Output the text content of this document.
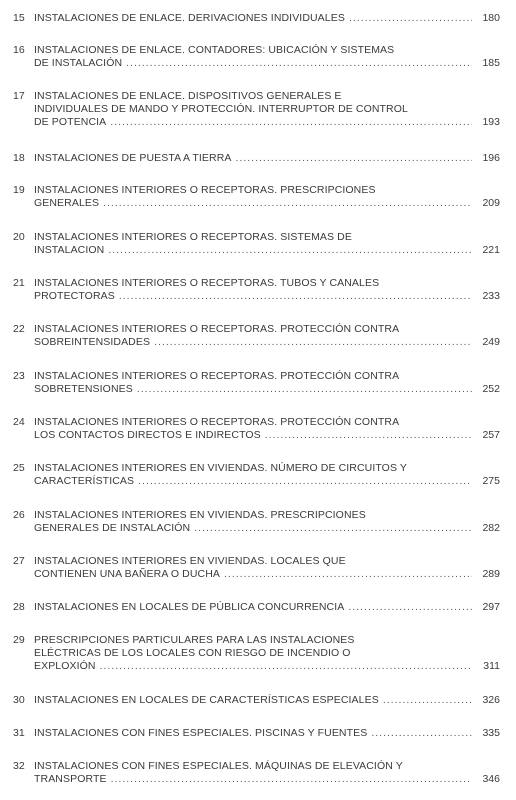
15 INSTALACIONES DE ENLACE. DERIVACIONES INDIVIDUALES .....	180
16 INSTALACIONES DE ENLACE. CONTADORES: UBICACIÓN Y SISTEMAS
DE INSTALACIÓN .....	185
17 INSTALACIONES DE ENLACE. DISPOSITIVOS GENERALES E
INDIVIDUALES DE MANDO Y PROTECCIÓN. INTERRUPTOR DE CONTROL
DE POTENCIA .....	193
18 INSTALACIONES DE PUESTA A TIERRA .....	196
19 INSTALACIONES INTERIORES O RECEPTORAS. PRESCRIPCIONES
GENERALES .....	209
20 INSTALACIONES INTERIORES O RECEPTORAS. SISTEMAS DE
INSTALACION .....	221
21 INSTALACIONES INTERIORES O RECEPTORAS. TUBOS Y CANALES
PROTECTORAS .....	233
22 INSTALACIONES INTERIORES O RECEPTORAS. PROTECCIÓN CONTRA
SOBREINTENSIDADES .....	249
23 INSTALACIONES INTERIORES O RECEPTORAS. PROTECCIÓN CONTRA
SOBRETENSIONES .....	252
24 INSTALACIONES INTERIORES O RECEPTORAS. PROTECCIÓN CONTRA
LOS CONTACTOS DIRECTOS E INDIRECTOS .....	257
25 INSTALACIONES INTERIORES EN VIVIENDAS. NÚMERO DE CIRCUITOS Y
CARACTERÍSTICAS .....	275
26 INSTALACIONES INTERIORES EN VIVIENDAS. PRESCRIPCIONES
GENERALES DE INSTALACIÓN .....	282
27 INSTALACIONES INTERIORES EN VIVIENDAS. LOCALES QUE
CONTIENEN UNA BAÑERA O DUCHA .....	289
28 INSTALACIONES EN LOCALES DE PÚBLICA CONCURRENCIA .....	297
29 PRESCRIPCIONES PARTICULARES PARA LAS INSTALACIONES
ELÉCTRICAS DE LOS LOCALES CON RIESGO DE INCENDIO O
EXPLOXIÓN .....	311
30 INSTALACIONES EN LOCALES DE CARACTERÍSTICAS ESPECIALES .....	326
31 INSTALACIONES CON FINES ESPECIALES. PISCINAS Y FUENTES .....	335
32 INSTALACIONES CON FINES ESPECIALES. MÁQUINAS DE ELEVACIÓN Y
TRANSPORTE .....	346
